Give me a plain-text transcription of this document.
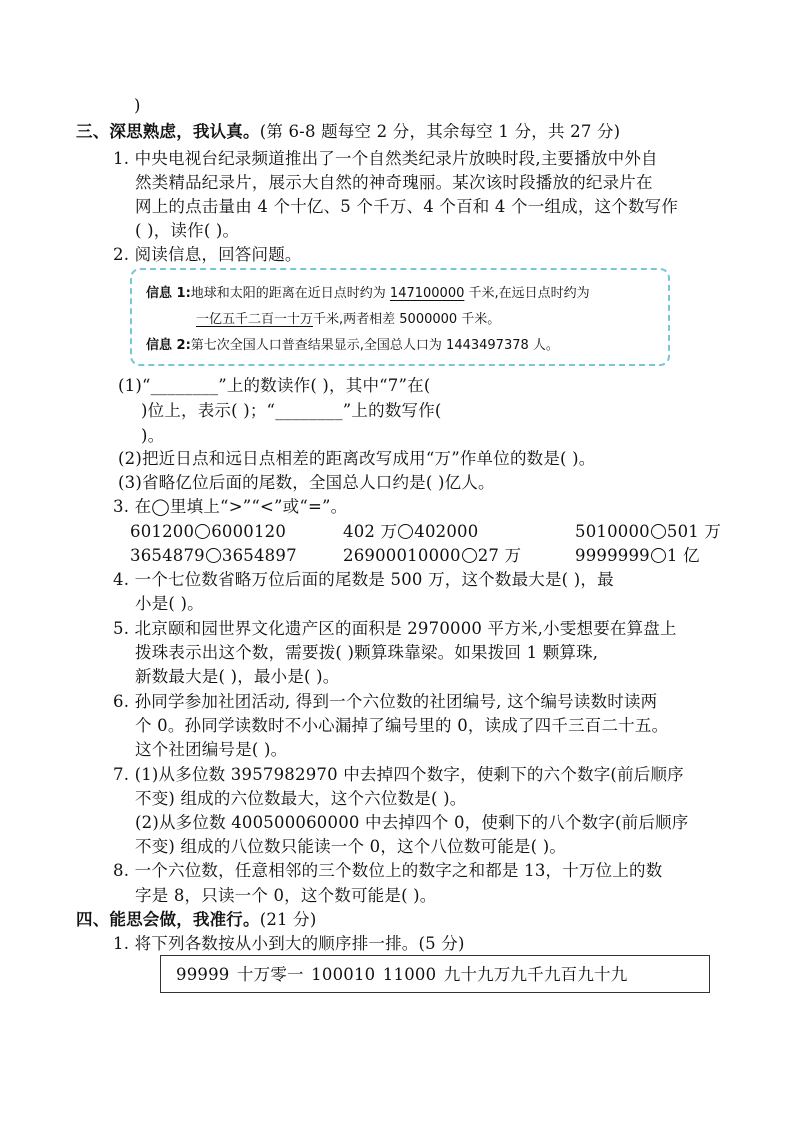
)
三、深思熟虑，我认真。(第 6-8 题每空 2 分，其余每空 1 分，共 27 分)
1. 中央电视台纪录频道推出了一个自然类纪录片放映时段,主要播放中外自
然类精品纪录片，展示大自然的神奇瑰丽。某次该时段播放的纪录片在
网上的点击量由 4 个十亿、5 个千万、4 个百和 4 个一组成，这个数写作
( )，读作( )。
2. 阅读信息，回答问题。
信息 1:地球和太阳的距离在近日点时约为 147100000 千米,在远日点时约为
一亿五千二百一十万千米,两者相差 5000000 千米。
信息 2:第七次全国人口普查结果显示,全国总人口为 1443497378 人。
(1)“________”上的数读作( )，其中“7”在(
)位上，表示( )；“________”上的数写作(
)。
(2)把近日点和远日点相差的距离改写成用“万”作单位的数是( )。
(3)省略亿位后面的尾数，全国总人口约是( )亿人。
3. 在◯里填上“>”“<”或“=”。
601200 6000120	402 万 402000	5010000 501 万
3654879 3654897	26900010000 27 万	9999999 1 亿
4. 一个七位数省略万位后面的尾数是 500 万，这个数最大是( )，最
小是( )。
5. 北京颐和园世界文化遗产区的面积是 2970000 平方米,小雯想要在算盘上
拨珠表示出这个数，需要拨( )颗算珠靠梁。如果拨回 1 颗算珠,
新数最大是( )，最小是( )。
6. 孙同学参加社团活动, 得到一个六位数的社团编号, 这个编号读数时读两
个 0。孙同学读数时不小心漏掉了编号里的 0，读成了四千三百二十五。
这个社团编号是( )。
7. (1)从多位数 3957982970 中去掉四个数字，使剩下的六个数字(前后顺序
不变) 组成的六位数最大，这个六位数是( )。
(2)从多位数 400500060000 中去掉四个 0，使剩下的八个数字(前后顺序
不变) 组成的八位数只能读一个 0，这个八位数可能是( )。
8. 一个六位数，任意相邻的三个数位上的数字之和都是 13，十万位上的数
字是 8，只读一个 0，这个数可能是( )。
四、能思会做，我准行。(21 分)
1. 将下列各数按从小到大的顺序排一排。(5 分)
99999 十万零一 100010 11000 九十九万九千九百九十九
